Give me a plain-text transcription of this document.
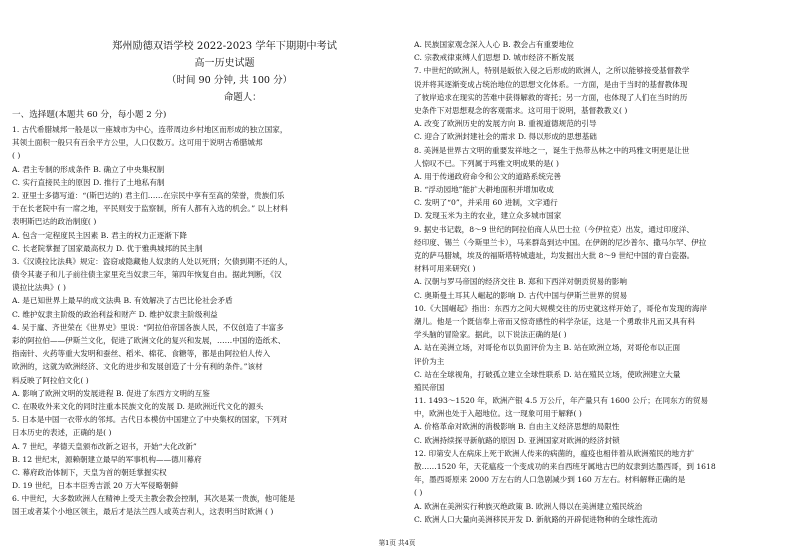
郑州励德双语学校 2022-2023 学年下期期中考试
高一历史试题
（时间 90 分钟, 共 100 分）
命题人：
一、选择题(本题共 60 分，每小题 2 分)
1. 古代希腊城邦一般是以一座城市为中心，连带周边乡村地区而形成的独立国家，
其领土面积一般只有百余平方公里，人口仅数万。这可用于说明古希腊城邦
( )
A. 君主专制的形成条件 B. 确立了中央集权制
C. 实行直接民主的原因 D. 推行了土地私有制
2. 亚里士多德写道：“(斯巴达的) 君主们……在宗民中享有至高的荣誉，贵族们乐
于在长老院中有一席之地，平民则安于监察制，所有人都有入选的机会。” 以上材料
表明斯巴达的政治制度( )
A. 包含一定程度民主因素 B. 君主的权力正逐渐下降
C. 长老院掌握了国家最高权力 D. 优于雅典城邦的民主制
3.《汉谟拉比法典》规定：盗窃或隐藏他人奴隶的人处以死刑；欠债到期不还的人，
债令其妻子和儿子前往债主家里充当奴隶三年，第四年恢复自由。据此判断，《汉
谟拉比法典》( )
A. 是已知世界上最早的成文法典 B. 有效解决了古巴比伦社会矛盾
C. 维护奴隶主阶级的政治利益和财产 D. 维护奴隶主阶级利益
4. 吴于廑、齐世荣在《世界史》里说：“阿拉伯帝国各族人民，不仅创造了丰富多
彩的阿拉伯——伊斯兰文化，促进了欧洲文化的复兴和发展，……中国的造纸术、
指南针、火药等重大发明和蚕丝、稻米、棉花、食糖等，都是由阿拉伯人传入
欧洲的，这就为欧洲经济、文化的进步和发展创造了十分有利的条件。”该材
料反映了阿拉伯文化( )
A. 影响了欧洲文明的发展进程 B. 促进了东西方文明的互鉴
C. 在吸收外来文化的同时注重本民族文化的发展 D. 是欧洲近代文化的源头
5. 日本是中国一衣带水的邻邦。古代日本模仿中国建立了中央集权的国家，下列对
日本历史的表述，正确的是( )
A. 7 世纪，孝德天皇颁布改新之诏书，开始“大化改新”
B. 12 世纪末，源赖朝建立最早的军事机构——德川幕府
C. 幕府政治体制下，天皇为首的朝廷掌握实权
D. 19 世纪，日本丰臣秀吉派 20 万大军侵略朝鲜
6. 中世纪，大多数欧洲人在精神上受天主教会教会控制，其次是某一贵族，他可能是
国王或者某个小地区领主，最后才是法兰西人或英吉利人，这表明当时欧洲 ( )
A. 民族国家观念深入人心 B. 教会占有重要地位
C. 宗教戒律束缚人们思想 D. 城市经济不断发展
7. 中世纪的欧洲人，特别是皈依入侵之后形成的欧洲人，之所以能够接受基督教学
说并将其逐渐变成占统治地位的思想文化体系。一方面，是由于当时的基督教体现
了彼岸追求在现实的苦难中获得解救的寄托；另一方面，也体现了人们在当时的历
史条件下对思想观念的客观需求。这可用于说明，基督教教义( )
A. 改变了欧洲历史的发展方向 B. 重视道德规范的引导
C. 迎合了欧洲封建社会的需求 D. 得以形成的思想基础
8. 美洲是世界古文明的重要发祥地之一，诞生于热带丛林之中的玛雅文明更是让世
人惊叹不已。下列属于玛雅文明成果的是( )
A. 用于传递政府命令和公文的道路系统完善
B. “浮动园地”能扩大耕地面积并增加收成
C. 发明了“0”，并采用 60 进制，文字通行
D. 发现玉米为主的农业，建立众多城市国家
9. 据史书记载，8～9 世纪的阿拉伯商人从巴士拉（今伊拉克）出发，通过印度洋、
经印度、锡兰（今斯里兰卡），马来群岛到达中国。在伊朗的尼沙普尔、撒马尔罕、伊拉
克的萨马腊城，埃及的福斯塔特城遗址，均发掘出大批 8～9 世纪中国的青白瓷器。
材料可用来研究( )
A. 汉朝与罗马帝国的经济交往 B. 郑和下西洋对朝贡贸易的影响
C. 奥斯曼土耳其人崛起的影响 D. 古代中国与伊斯兰世界的贸易
10.《大国崛起》指出：东西方之间大规模交往的历史就这样开始了，哥伦布发现的海岸
潮儿。他是一个既信奉上帝而又惊奇感性的科学杂证，这是一个勇敢非凡而又具有科
学头脑的冒险家。据此，以下说法正确的是( )
A. 站在美洲立场，对哥伦布以负面评价为主 B. 站在欧洲立场，对哥伦布以正面
评价为主
C. 站在全球视角，打破孤立建立全球性联系 D. 站在殖民立场，使欧洲建立大量
殖民帝国
11. 1493～1520 年，欧洲产银 4.5 万公斤，年产量只有 1600 公斤；在同东方的贸易
中，欧洲也处于入超地位。这一现象可用于解释( )
A. 价格革命对欧洲的消极影响 B. 自由主义经济思想的局限性
C. 欧洲持续探寻新航路的原因 D. 亚洲国家对欧洲的经济封锁
12. 印第安人在病床上死于欧洲人传来的病菌的，瘟疫也相伴着从欧洲殖民的地方扩
散……1520 年，天花瘟疫一个变成功的来自西班牙属地古巴的奴隶到达墨西哥，到 1618
年，墨西哥原来 2000 万左右的人口急剧减少到 160 万左右。材料解释正确的是
( )
A. 欧洲在美洲实行种族灭绝政策 B. 欧洲人得以在美洲建立殖民统治
C. 欧洲人口大量向美洲移民开发 D. 新航路的开辟促进物种的全球性流动
第1页 共4页
